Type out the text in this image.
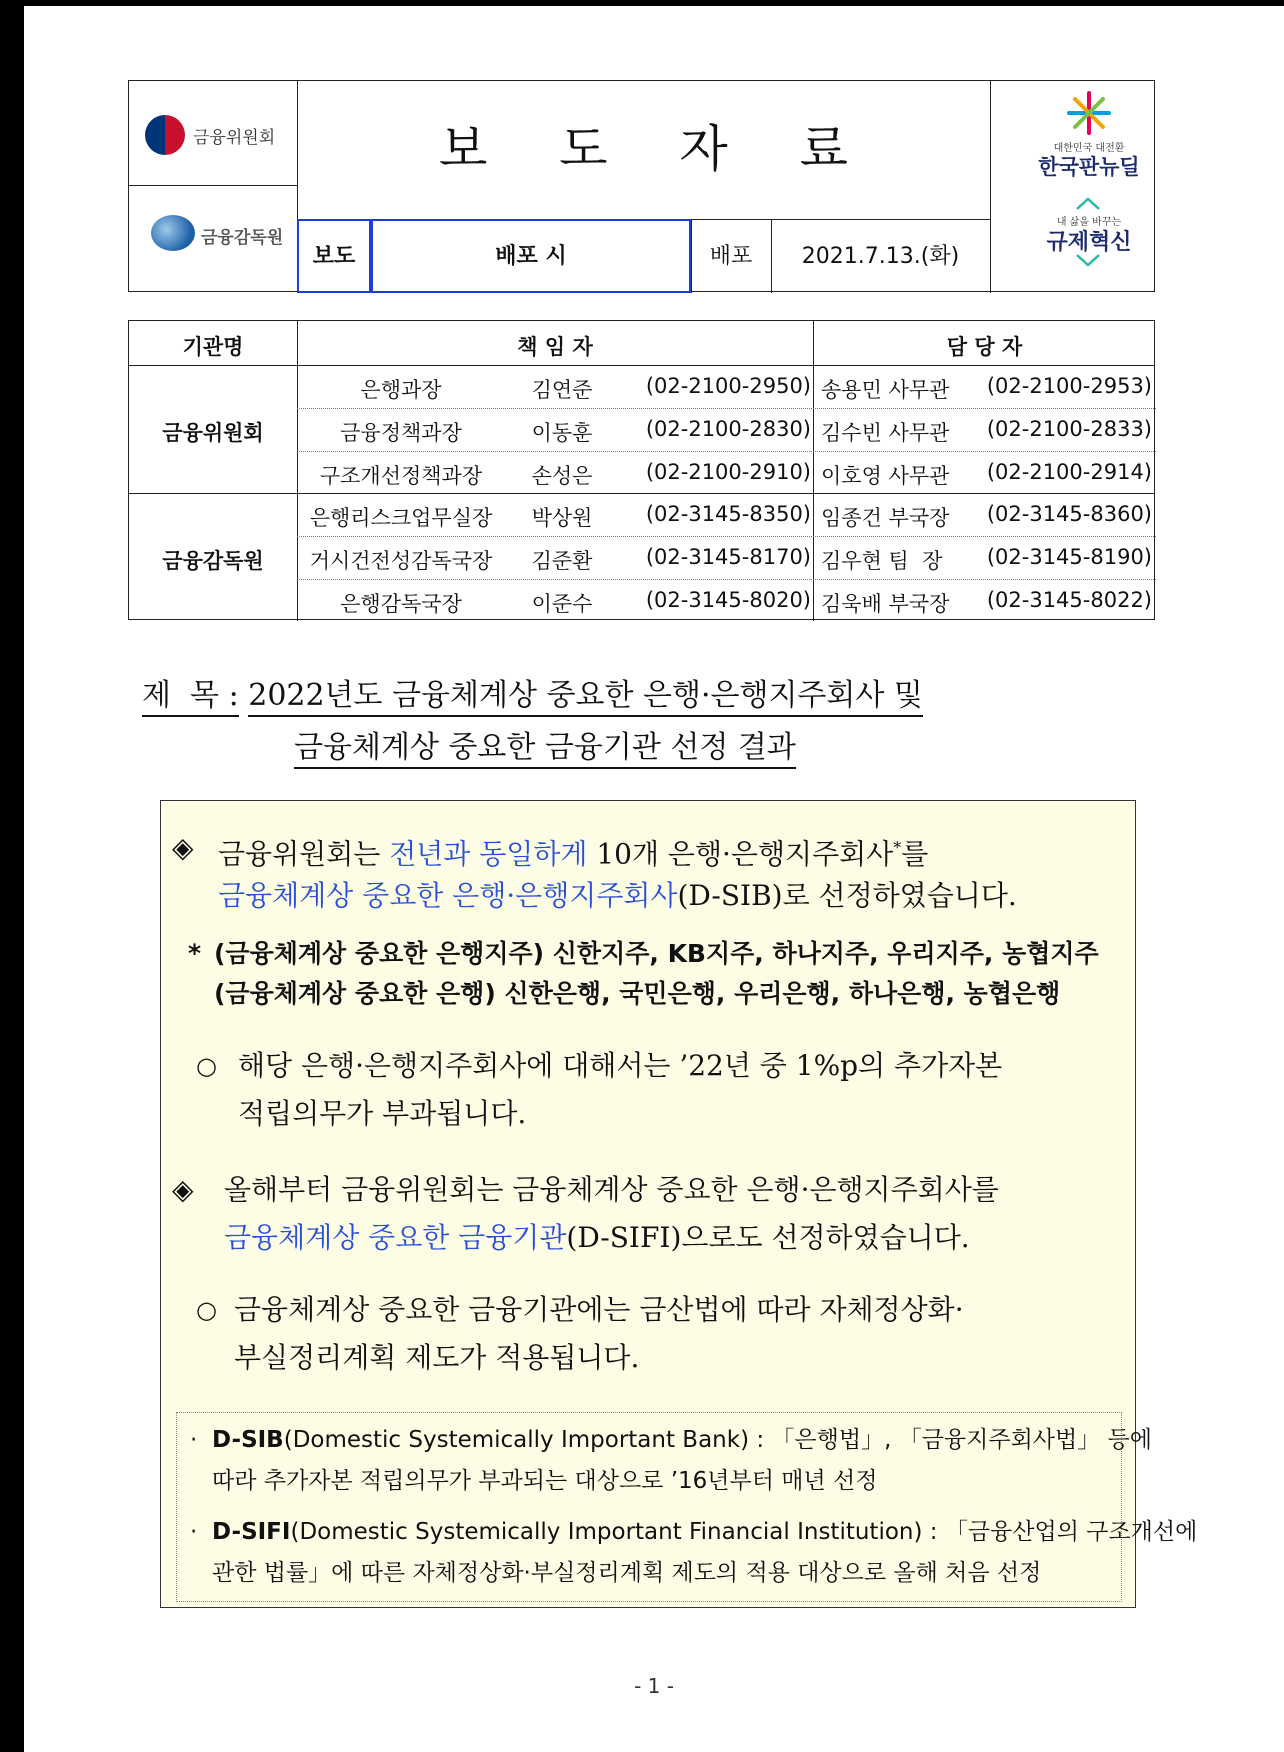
금융위원회
금융감독원
보 도 자 료
보도	배포 시	배포	2021.7.13.(화)
대한민국 대전환
한국판뉴딜
내 삶을 바꾸는
규제혁신
기관명	책 임 자	담 당 자
금융위원회
금융감독원
은행과장	김연준	(02-2100-2950) 송용민 사무관	(02-2100-2953)
금융정책과장	이동훈	(02-2100-2830) 김수빈 사무관	(02-2100-2833)
구조개선정책과장	손성은	(02-2100-2910) 이호영 사무관	(02-2100-2914)
은행리스크업무실장	박상원	(02-3145-8350) 임종건 부국장	(02-3145-8360)
거시건전성감독국장	김준환	(02-3145-8170) 김우현 팀  장	(02-3145-8190)
은행감독국장	이준수	(02-3145-8020) 김욱배 부국장	(02-3145-8022)
제  목 : 2022년도 금융체계상 중요한 은행·은행지주회사 및
금융체계상 중요한 금융기관 선정 결과
◈ 금융위원회는 전년과 동일하게 10개 은행·은행지주회사*를
금융체계상 중요한 은행·은행지주회사(D-SIB)로 선정하였습니다.
* (금융체계상 중요한 은행지주) 신한지주, KB지주, 하나지주, 우리지주, 농협지주
(금융체계상 중요한 은행) 신한은행, 국민은행, 우리은행, 하나은행, 농협은행
○ 해당 은행·은행지주회사에 대해서는 ’22년 중 1%p의 추가자본
적립의무가 부과됩니다.
◈ 올해부터 금융위원회는 금융체계상 중요한 은행·은행지주회사를
금융체계상 중요한 금융기관(D-SIFI)으로도 선정하였습니다.
○ 금융체계상 중요한 금융기관에는 금산법에 따라 자체정상화·
부실정리계획 제도가 적용됩니다.
· D-SIB(Domestic Systemically Important Bank) : 「은행법」, 「금융지주회사법」 등에
따라 추가자본 적립의무가 부과되는 대상으로 ’16년부터 매년 선정
· D-SIFI(Domestic Systemically Important Financial Institution) : 「금융산업의 구조개선에
관한 법률」에 따른 자체정상화·부실정리계획 제도의 적용 대상으로 올해 처음 선정
- 1 -
